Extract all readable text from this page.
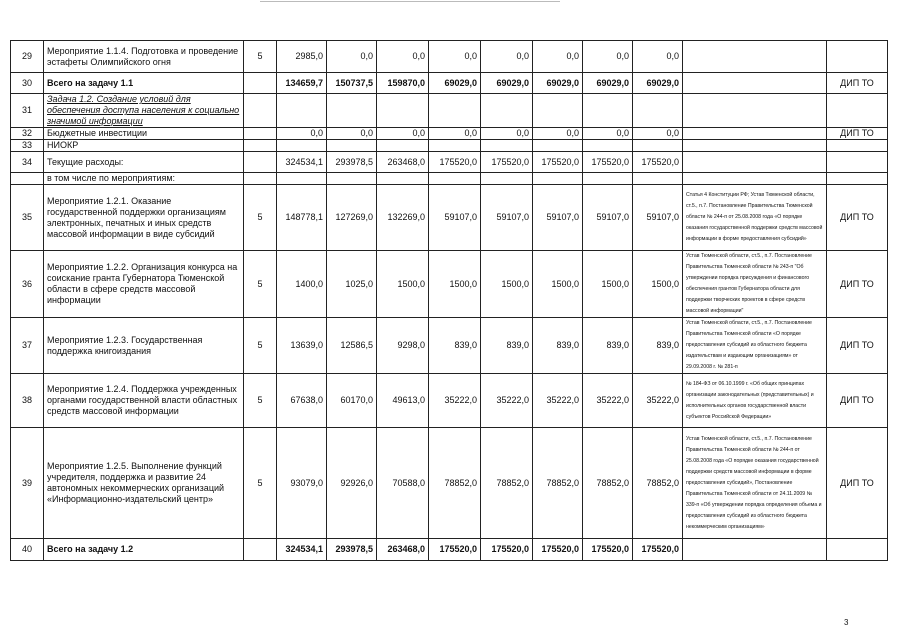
29	Мероприятие 1.1.4. Подготовка и проведение эстафеты Олимпийского огня	5	2985,0	0,0	0,0	0,0	0,0	0,0	0,0	0,0		
30	Всего на задачу 1.1		134659,7	150737,5	159870,0	69029,0	69029,0	69029,0	69029,0	69029,0		ДИП ТО
31	Задача 1.2. Создание условий для обеспечения доступа населения к социально значимой информации											
32	Бюджетные инвестиции		0,0	0,0	0,0	0,0	0,0	0,0	0,0	0,0		ДИП ТО
33	НИОКР											
34	Текущие расходы:		324534,1	293978,5	263468,0	175520,0	175520,0	175520,0	175520,0	175520,0		
	в том числе по мероприятиям:											
35	Мероприятие 1.2.1. Оказание государственной поддержки организациям электронных, печатных и иных средств массовой информации в виде субсидий	5	148778,1	127269,0	132269,0	59107,0	59107,0	59107,0	59107,0	59107,0	Статья 4 Конституции РФ; Устав Тюменской области, ст.5., п.7. Постановление Правительства Тюменской области № 244-п от 25.08.2008 года «О порядке оказания государственной поддержки средств массовой информации в форме предоставления субсидий»	ДИП ТО
36	Мероприятие 1.2.2. Организация конкурса на соискание гранта Губернатора Тюменской области в сфере средств массовой информации	5	1400,0	1025,0	1500,0	1500,0	1500,0	1500,0	1500,0	1500,0	Устав Тюменской области, ст.5., п.7. Постановление Правительства Тюменской области № 243-п "Об утверждении порядка присуждения и финансового обеспечения грантов Губернатора области для поддержки творческих проектов в сфере средств массовой информации"	ДИП ТО
37	Мероприятие 1.2.3. Государственная поддержка книгоиздания	5	13639,0	12586,5	9298,0	839,0	839,0	839,0	839,0	839,0	Устав Тюменской области, ст.5., п.7. Постановление Правительства Тюменской области «О порядке предоставления субсидий из областного бюджета издательствам и издающим организациям» от 29.09.2008 г. № 281-п	ДИП ТО
38	Мероприятие 1.2.4. Поддержка учрежденных органами государственной власти областных средств массовой информации	5	67638,0	60170,0	49613,0	35222,0	35222,0	35222,0	35222,0	35222,0	№ 184-ФЗ от 06.10.1999 г. «Об общих принципах организации законодательных (представительных) и исполнительных органов государственной власти субъектов Российской Федерации»	ДИП ТО
39	Мероприятие 1.2.5. Выполнение функций учредителя, поддержка и развитие 24 автономных некоммерческих организаций «Информационно-издательский центр»	5	93079,0	92926,0	70588,0	78852,0	78852,0	78852,0	78852,0	78852,0	Устав Тюменской области, ст.5., п.7. Постановление Правительства Тюменской области № 244-п от 25.08.2008 года «О порядке оказания государственной поддержки средств массовой информации в форме предоставления субсидий», Постановление Правительства Тюменской области от 24.11.2009 № 339-п «Об утверждении порядка определения объема и предоставления субсидий из областного бюджета некоммерческим организациям»	ДИП ТО
40	Всего на задачу 1.2		324534,1	293978,5	263468,0	175520,0	175520,0	175520,0	175520,0	175520,0		
3
